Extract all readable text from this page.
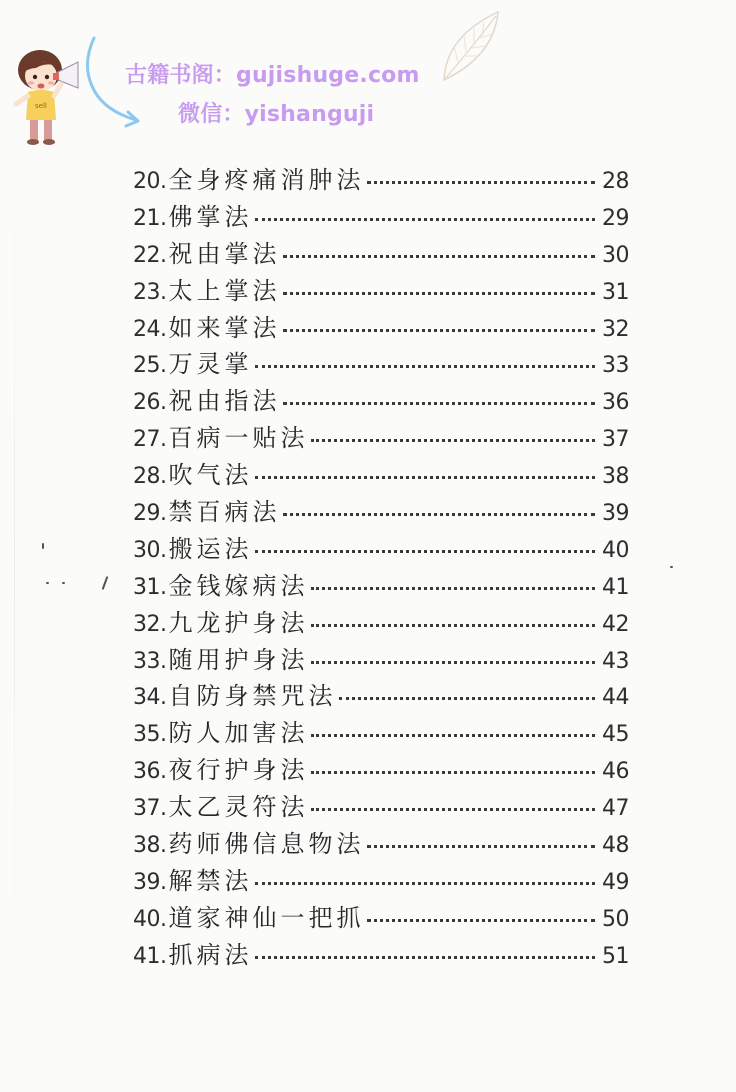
sell
古籍书阁：gujishuge.com
微信：yishanguji
20. 全身疼痛消肿法	28
21. 佛掌法	29
22. 祝由掌法	30
23. 太上掌法	31
24. 如来掌法	32
25. 万灵掌	33
26. 祝由指法	36
27. 百病一贴法	37
28. 吹气法	38
29. 禁百病法	39
30. 搬运法	40
31. 金钱嫁病法	41
32. 九龙护身法	42
33. 随用护身法	43
34. 自防身禁咒法	44
35. 防人加害法	45
36. 夜行护身法	46
37. 太乙灵符法	47
38. 药师佛信息物法	48
39. 解禁法	49
40. 道家神仙一把抓	50
41. 抓病法	51
